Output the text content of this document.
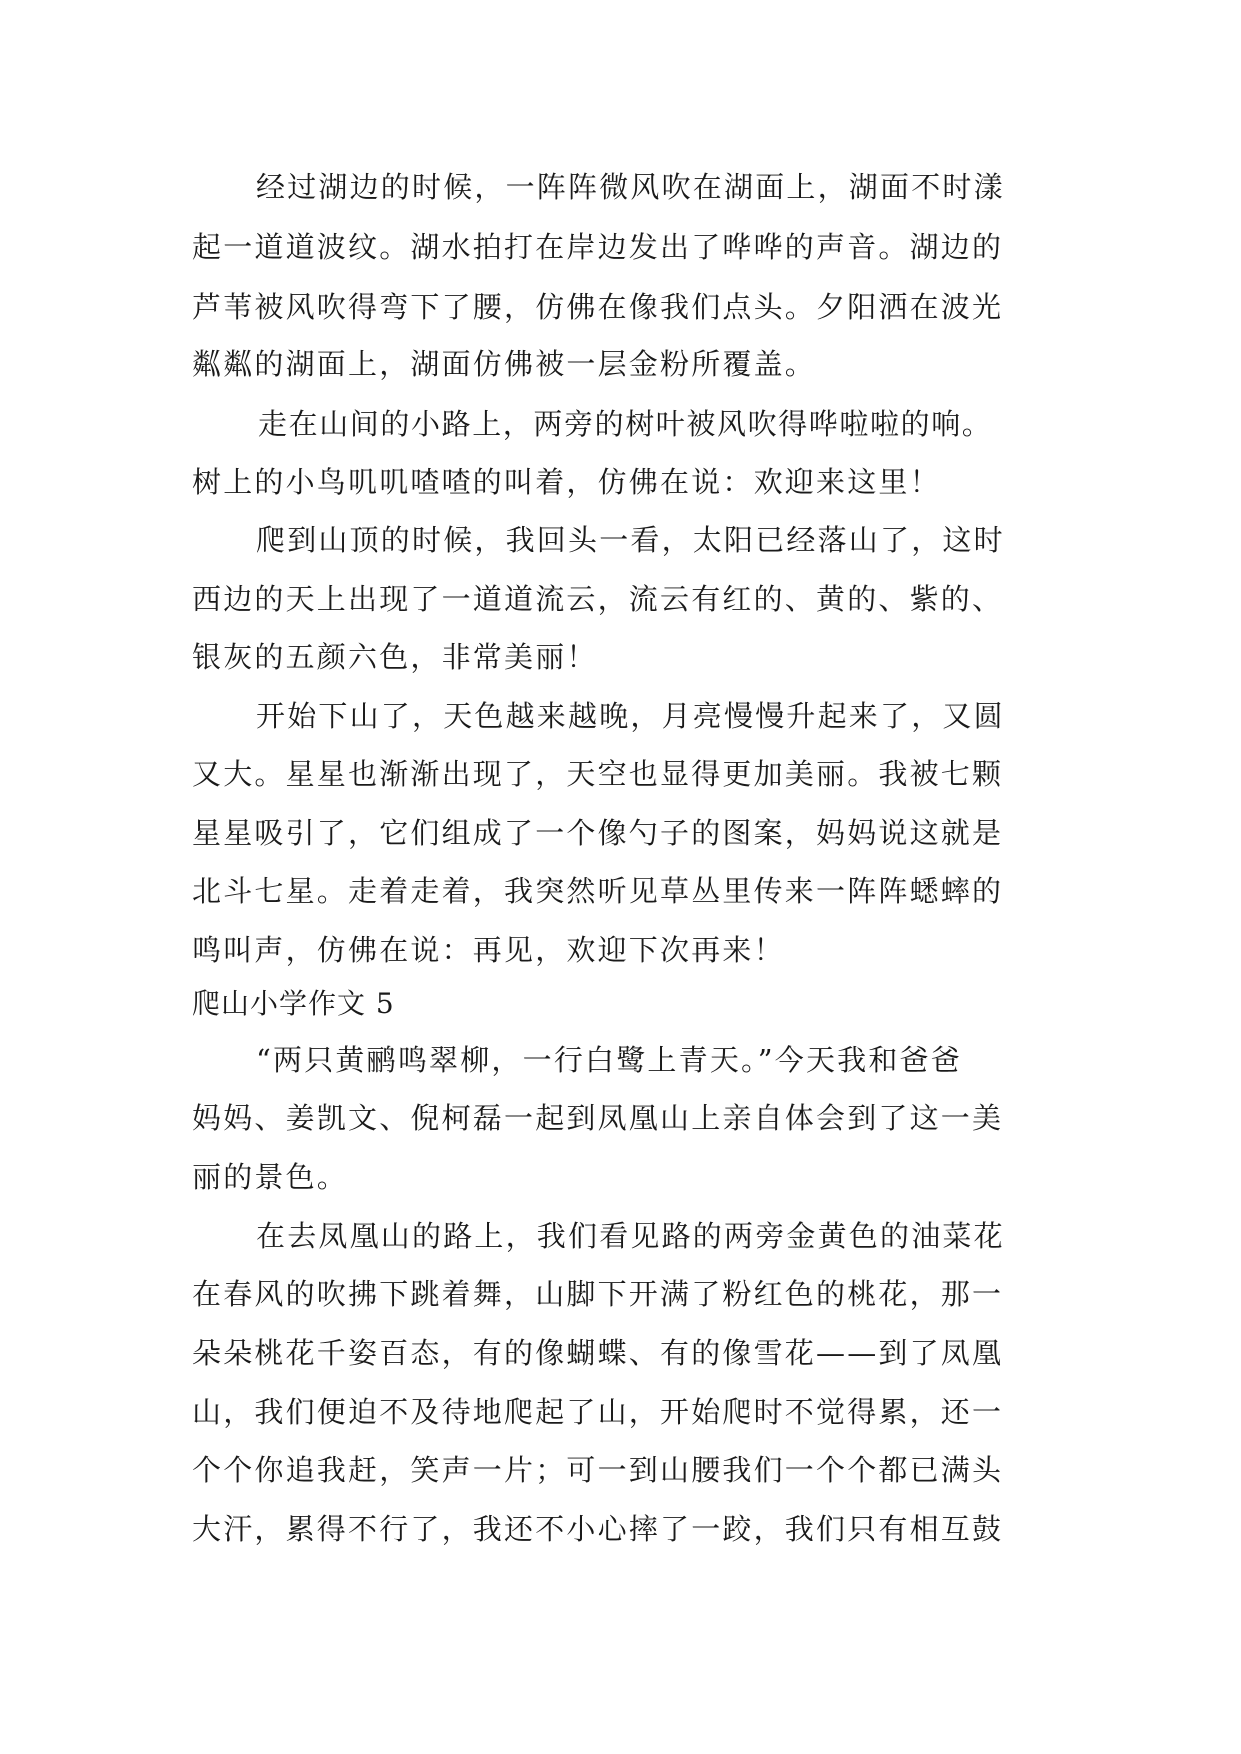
经过湖边的时候，一阵阵微风吹在湖面上，湖面不时漾
起一道道波纹。湖水拍打在岸边发出了哗哗的声音。湖边的
芦苇被风吹得弯下了腰，仿佛在像我们点头。夕阳洒在波光
粼粼的湖面上，湖面仿佛被一层金粉所覆盖。
走在山间的小路上，两旁的树叶被风吹得哗啦啦的响。
树上的小鸟叽叽喳喳的叫着，仿佛在说：欢迎来这里！
爬到山顶的时候，我回头一看，太阳已经落山了，这时
西边的天上出现了一道道流云，流云有红的、黄的、紫的、
银灰的五颜六色，非常美丽！
开始下山了，天色越来越晚，月亮慢慢升起来了，又圆
又大。星星也渐渐出现了，天空也显得更加美丽。我被七颗
星星吸引了，它们组成了一个像勺子的图案，妈妈说这就是
北斗七星。走着走着，我突然听见草丛里传来一阵阵蟋蟀的
鸣叫声，仿佛在说：再见，欢迎下次再来！
爬山小学作文 5
“两只黄鹂鸣翠柳，一行白鹭上青天。”今天我和爸爸
妈妈、姜凯文、倪柯磊一起到凤凰山上亲自体会到了这一美
丽的景色。
在去凤凰山的路上，我们看见路的两旁金黄色的油菜花
在春风的吹拂下跳着舞，山脚下开满了粉红色的桃花，那一
朵朵桃花千姿百态，有的像蝴蝶、有的像雪花——到了凤凰
山，我们便迫不及待地爬起了山，开始爬时不觉得累，还一
个个你追我赶，笑声一片；可一到山腰我们一个个都已满头
大汗，累得不行了，我还不小心摔了一跤，我们只有相互鼓
